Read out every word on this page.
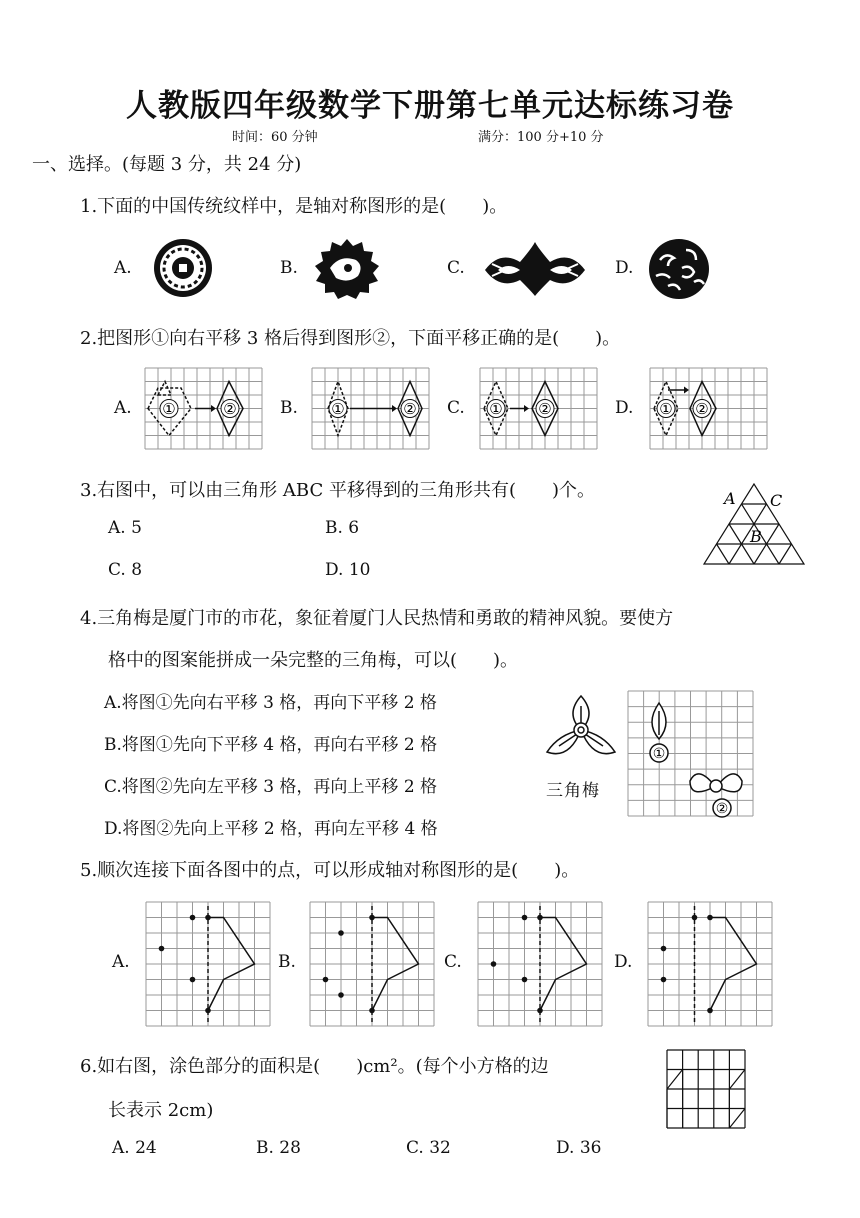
人教版四年级数学下册第七单元达标练习卷
时间：60 分钟	满分：100 分+10 分
一、选择。(每题 3 分，共 24 分)
1.下面的中国传统纹样中，是轴对称图形的是(　　)。
A.	B.	C.	D.
2.把图形①向右平移 3 格后得到图形②，下面平移正确的是(　　)。
A.	B.	C.	D.
①	②	①	②	① ②	① ②
3.右图中，可以由三角形 ABC 平移得到的三角形共有(　　)个。
A. 5	B. 6
C. 8	D. 10
A C
B
4.三角梅是厦门市的市花，象征着厦门人民热情和勇敢的精神风貌。要使方
格中的图案能拼成一朵完整的三角梅，可以(　　)。
A.将图①先向右平移 3 格，再向下平移 2 格
B.将图①先向下平移 4 格，再向右平移 2 格
C.将图②先向左平移 3 格，再向上平移 2 格
D.将图②先向上平移 2 格，再向左平移 4 格
三角梅
①
②
5.顺次连接下面各图中的点，可以形成轴对称图形的是(　　)。
A.	B.	C.	D.
6.如右图，涂色部分的面积是(　　)cm²。(每个小方格的边
长表示 2cm)
A. 24	B. 28	C. 32	D. 36
